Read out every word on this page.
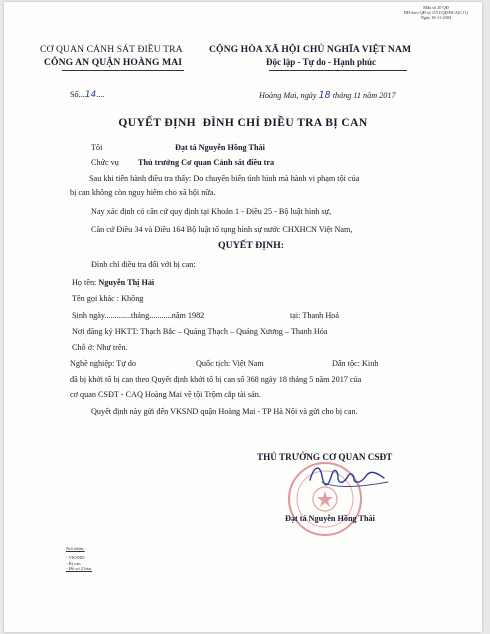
Mẫu số 20 QĐ
BH theo QĐ số 1151/QĐ-BCA(C11)
Ngày 18-11-2004
CƠ QUAN CẢNH SÁT ĐIỀU TRA
CÔNG AN QUẬN HOÀNG MAI
CỘNG HÒA XÃ HỘI CHỦ NGHĨA VIỆT NAM
Độc lập - Tự do - Hạnh phúc
Số...14....	Hoàng Mai, ngày 18 tháng 11 năm 2017
QUYẾT ĐỊNH  ĐÌNH CHỈ ĐIỀU TRA BỊ CAN
Tôi	Đạt tá Nguyễn Hồng Thái
Chức vụ Thủ trưởng Cơ quan Cảnh sát điều tra
Sau khi tiến hành điều tra thấy: Do chuyển biến tình hình mà hành vi phạm tội của
bị can không còn nguy hiểm cho xã hội nữa.
Nay xác định có căn cứ quy định tại Khoản 1 - Điều 25 - Bộ luật hình sự,
Căn cứ Điều 34 và Điều 164 Bộ luật tố tụng hình sự nước CHXHCN Việt Nam,
QUYẾT ĐỊNH:
Đình chỉ điều tra đối với bị can:
Họ tên: Nguyễn Thị Hải
Tên gọi khác : Không
Sinh ngày.............tháng...........năm 1982	tại: Thanh Hoá
Nơi đăng ký HKTT: Thạch Bắc – Quảng Thạch – Quảng Xương – Thanh Hóa
Chỗ ở: Như trên.
Nghề nghiệp: Tự do	Quốc tịch: Việt Nam	Dân tộc: Kinh
đã bị khởi tố bị can theo Quyết định khởi tố bị can số 368 ngày 18 tháng 5 năm 2017 của
cơ quan CSĐT - CAQ Hoàng Mai về tội Trộm cắp tài sản.
Quyết định này gửi đến VKSND quận Hoàng Mai - TP Hà Nội và gửi cho bị can.
THỦ TRƯỞNG CƠ QUAN CSĐT
Đạt tá Nguyễn Hồng Thái
Nơi nhận:
- VKSND
- Bị can
- Hồ sơ 2 bản.
